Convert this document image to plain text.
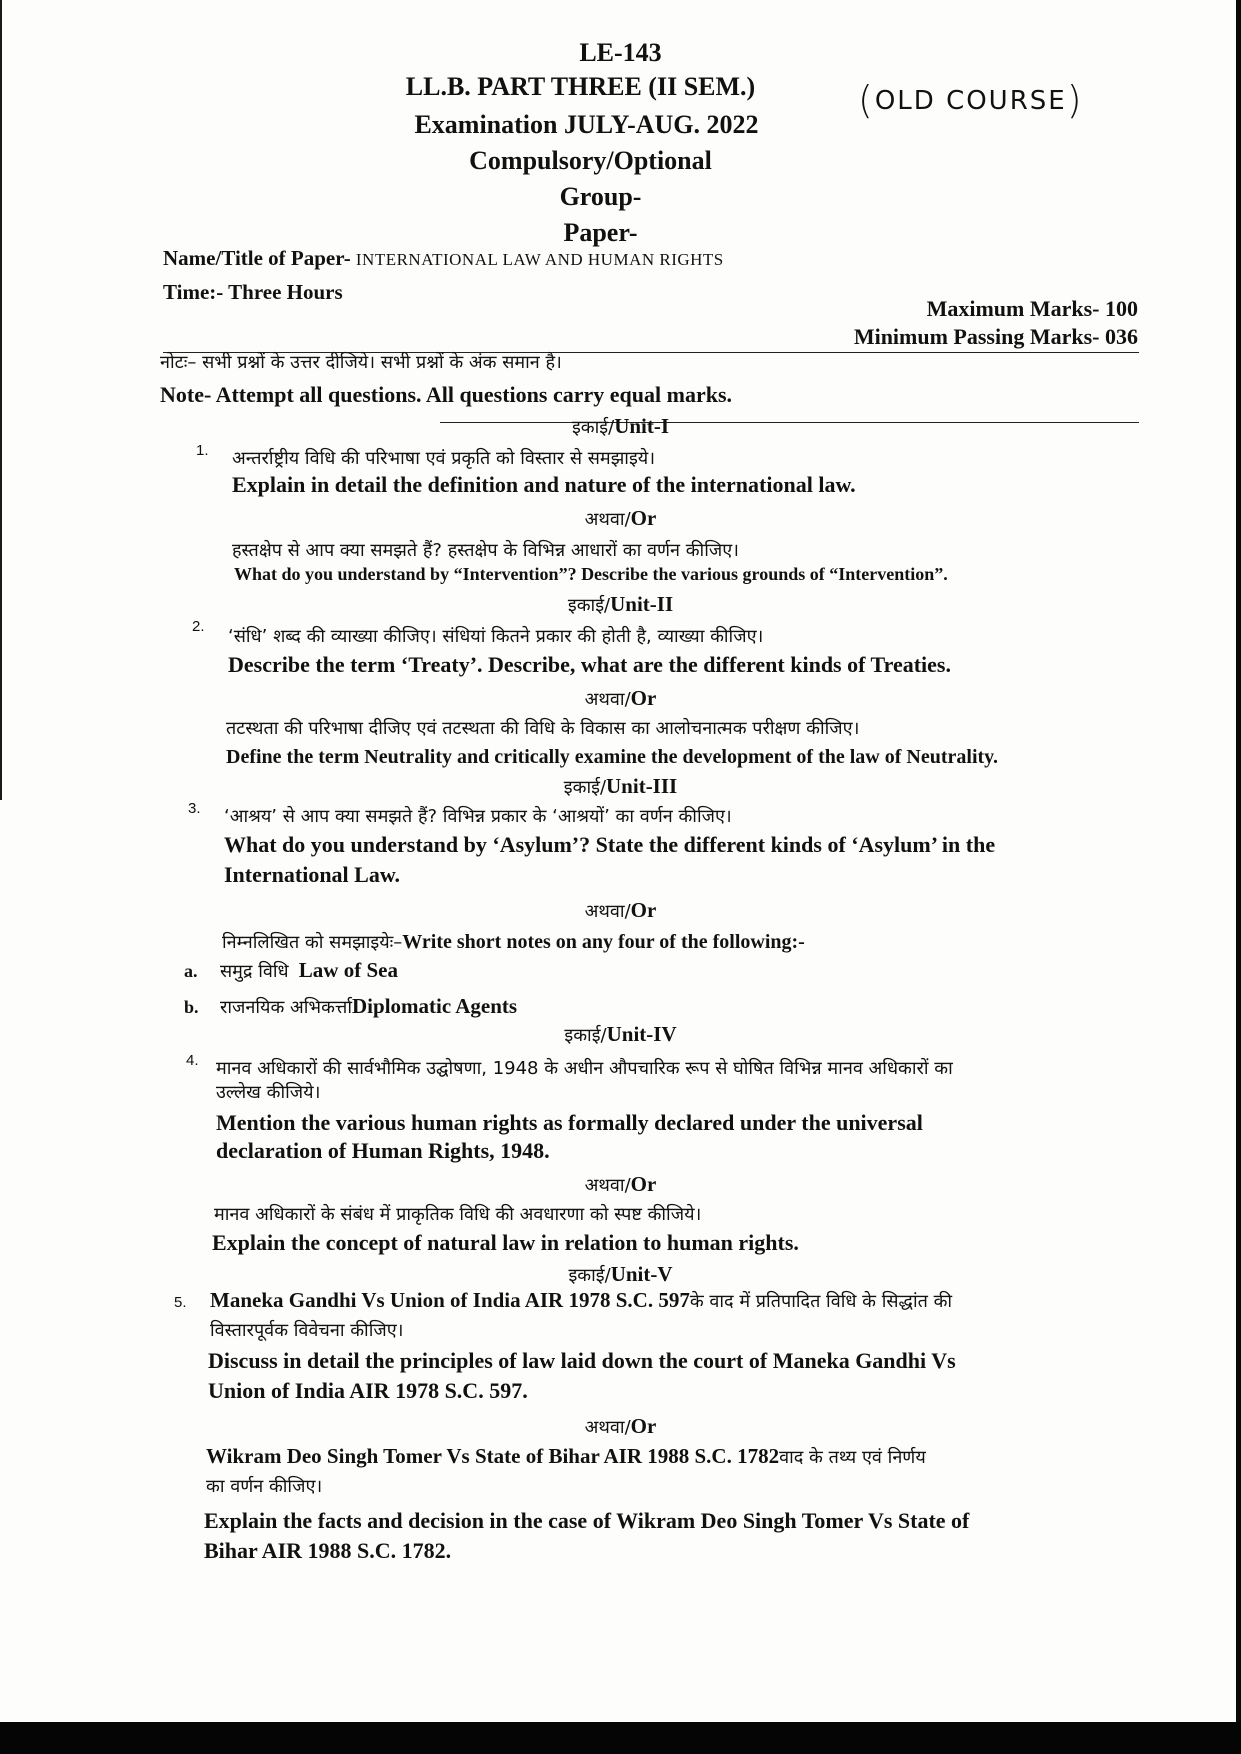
LE-143
LL.B. PART THREE (II SEM.)	(OLD COURSE)
Examination JULY-AUG. 2022
Compulsory/Optional
Group-
Paper-
Name/Title of Paper- INTERNATIONAL LAW AND HUMAN RIGHTS
Time:- Three Hours
Maximum Marks- 100
Minimum Passing Marks- 036
नोटः– सभी प्रश्नों के उत्तर दीजिये। सभी प्रश्नों के अंक समान है।
Note- Attempt all questions. All questions carry equal marks.
इकाई/Unit-I
1. अन्तर्राष्ट्रीय विधि की परिभाषा एवं प्रकृति को विस्तार से समझाइये।
Explain in detail the definition and nature of the international law.
अथवा/Or
हस्तक्षेप से आप क्या समझते हैं? हस्तक्षेप के विभिन्न आधारों का वर्णन कीजिए।
What do you understand by “Intervention”? Describe the various grounds of “Intervention”.
इकाई/Unit-II
2. ‘संधि’ शब्द की व्याख्या कीजिए। संधियां कितने प्रकार की होती है, व्याख्या कीजिए।
Describe the term ‘Treaty’. Describe, what are the different kinds of Treaties.
अथवा/Or
तटस्थता की परिभाषा दीजिए एवं तटस्थता की विधि के विकास का आलोचनात्मक परीक्षण कीजिए।
Define the term Neutrality and critically examine the development of the law of Neutrality.
इकाई/Unit-III
3. ‘आश्रय’ से आप क्या समझते हैं? विभिन्न प्रकार के ‘आश्रयों’ का वर्णन कीजिए।
What do you understand by ‘Asylum’? State the different kinds of ‘Asylum’ in the
International Law.
अथवा/Or
निम्नलिखित को समझाइयेः–Write short notes on any four of the following:-
a. समुद्र विधि Law of Sea
b. राजनयिक अभिकर्त्ताDiplomatic Agents
इकाई/Unit-IV
4. मानव अधिकारों की सार्वभौमिक उद्घोषणा, 1948 के अधीन औपचारिक रूप से घोषित विभिन्न मानव अधिकारों का
उल्लेख कीजिये।
Mention the various human rights as formally declared under the universal
declaration of Human Rights, 1948.
अथवा/Or
मानव अधिकारों के संबंध में प्राकृतिक विधि की अवधारणा को स्पष्ट कीजिये।
Explain the concept of natural law in relation to human rights.
इकाई/Unit-V
5. Maneka Gandhi Vs Union of India AIR 1978 S.C. 597के वाद में प्रतिपादित विधि के सिद्धांत की
विस्तारपूर्वक विवेचना कीजिए।
Discuss in detail the principles of law laid down the court of Maneka Gandhi Vs
Union of India AIR 1978 S.C. 597.
अथवा/Or
Wikram Deo Singh Tomer Vs State of Bihar AIR 1988 S.C. 1782वाद के तथ्य एवं निर्णय
का वर्णन कीजिए।
Explain the facts and decision in the case of Wikram Deo Singh Tomer Vs State of
Bihar AIR 1988 S.C. 1782.
